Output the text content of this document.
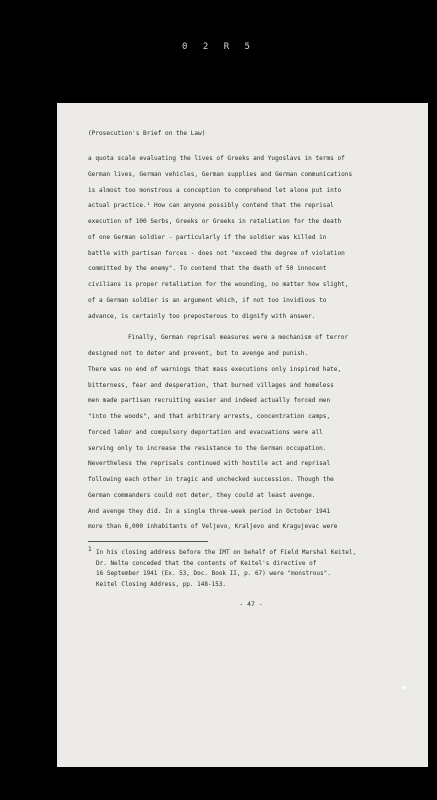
0 2 R 5
(Prosecution's Brief on the Law)
a quota scale evaluating the lives of Greeks and Yugoslavs in terms of
German lives, German vehicles, German supplies and German communications
is almost too monstrous a conception to comprehend let alone put into
actual practice.¹ How can anyone possibly contend that the reprisal
execution of 100 Serbs, Greeks or Greeks in retaliation for the death
of one German soldier - particularly if the soldier was killed in
battle with partisan forces - does not "exceed the degree of violation
committed by the enemy". To contend that the death of 50 innocent
civilians is proper retaliation for the wounding, no matter how slight,
of a German soldier is an argument which, if not too invidious to
advance, is certainly too preposterous to dignify with answer.
Finally, German reprisal measures were a mechanism of terror
designed not to deter and prevent, but to avenge and punish.
There was no end of warnings that mass executions only inspired hate,
bitterness, fear and desperation, that burned villages and homeless
men made partisan recruiting easier and indeed actually forced men
"into the woods", and that arbitrary arrests, concentration camps,
forced labor and compulsory deportation and evacuations were all
serving only to increase the resistance to the German occupation.
Nevertheless the reprisals continued with hostile act and reprisal
following each other in tragic and unchecked succession. Though the
German commanders could not deter, they could at least avenge.
And avenge they did. In a single three-week period in October 1941
more than 6,000 inhabitants of Veljevo, Kraljevo and Kragujevac were
1 In his closing address before the IMT on behalf of Field Marshal Keitel,
Dr. Nelte conceded that the contents of Keitel's directive of
16 September 1941 (Ex. 53, Doc. Book II, p. 67) were "monstrous".
Keitel Closing Address, pp. 148-153.
- 47 -
